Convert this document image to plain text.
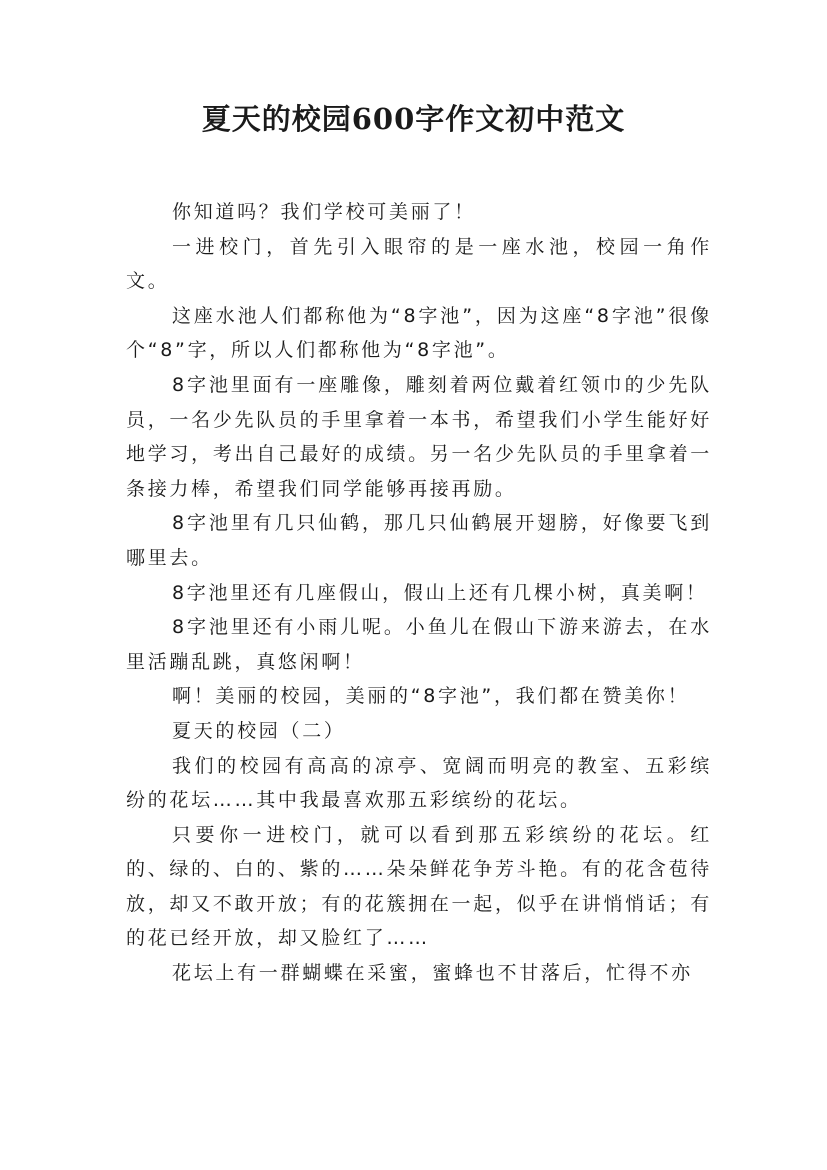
夏天的校园600字作文初中范文

你知道吗？我们学校可美丽了！

一进校门，首先引入眼帘的是一座水池，校园一角作文。

这座水池人们都称他为“8字池”，因为这座“8字池”很像个“8”字，所以人们都称他为“8字池”。

8字池里面有一座雕像，雕刻着两位戴着红领巾的少先队员，一名少先队员的手里拿着一本书，希望我们小学生能好好地学习，考出自己最好的成绩。另一名少先队员的手里拿着一条接力棒，希望我们同学能够再接再励。

8字池里有几只仙鹤，那几只仙鹤展开翅膀，好像要飞到哪里去。

8字池里还有几座假山，假山上还有几棵小树，真美啊！

8字池里还有小雨儿呢。小鱼儿在假山下游来游去，在水里活蹦乱跳，真悠闲啊！

啊！美丽的校园，美丽的“8字池”，我们都在赞美你！

夏天的校园（二）

我们的校园有高高的凉亭、宽阔而明亮的教室、五彩缤纷的花坛……其中我最喜欢那五彩缤纷的花坛。

只要你一进校门，就可以看到那五彩缤纷的花坛。红的、绿的、白的、紫的……朵朵鲜花争芳斗艳。有的花含苞待放，却又不敢开放；有的花簇拥在一起，似乎在讲悄悄话；有的花已经开放，却又脸红了……

花坛上有一群蝴蝶在采蜜，蜜蜂也不甘落后，忙得不亦
